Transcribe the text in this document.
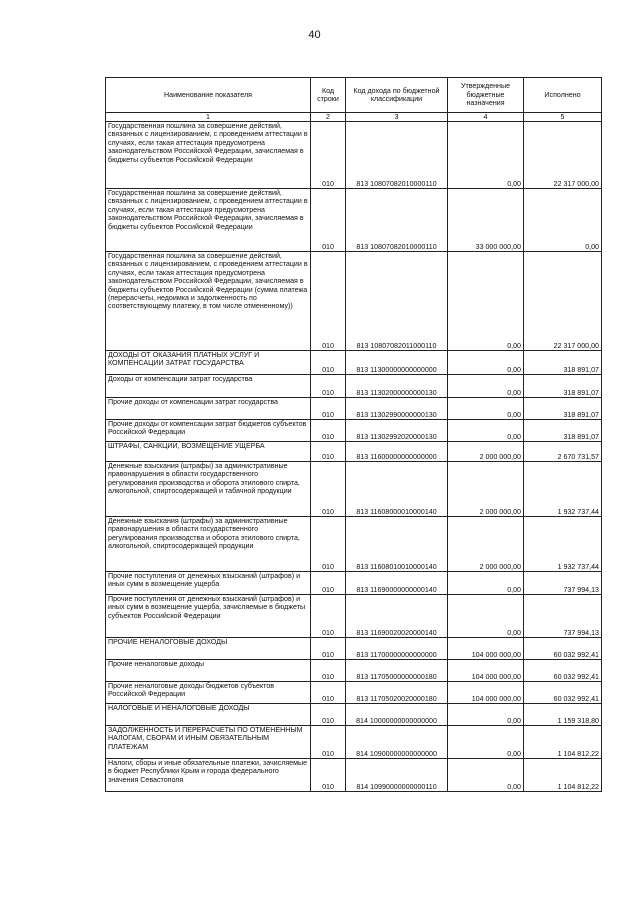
40
Наименование показателя	Код строки	Код дохода по бюджетной классификации	Утвержденные бюджетные назначения	Исполнено
1	2	3	4	5
Государственная пошлина за совершение действий, связанных с лицензированием, с проведением аттестации в случаях, если такая аттестация предусмотрена законодательством Российской Федерации, зачисляемая в бюджеты субъектов Российской Федерации	010	813 10807082010000110	0,00	22 317 000,00
Государственная пошлина за совершение действий, связанных с лицензированием, с проведением аттестации в случаях, если такая аттестация предусмотрена законодательством Российской Федерации, зачисляемая в бюджеты субъектов Российской Федерации	010	813 10807082010000110	33 000 000,00	0,00
Государственная пошлина за совершение действий, связанных с лицензированием, с проведением аттестации в случаях, если такая аттестация предусмотрена законодательством Российской Федерации, зачисляемая в бюджеты субъектов Российской Федерации (сумма платежа (перерасчеты, недоимка и задолженность по соответствующему платежу, в том числе отмененному))	010	813 10807082011000110	0,00	22 317 000,00
ДОХОДЫ ОТ ОКАЗАНИЯ ПЛАТНЫХ УСЛУГ И КОМПЕНСАЦИИ ЗАТРАТ ГОСУДАРСТВА	010	813 11300000000000000	0,00	318 891,07
Доходы от компенсации затрат государства	010	813 11302000000000130	0,00	318 891,07
Прочие доходы от компенсации затрат государства	010	813 11302990000000130	0,00	318 891,07
Прочие доходы от компенсации затрат бюджетов субъектов Российской Федерации	010	813 11302992020000130	0,00	318 891,07
ШТРАФЫ, САНКЦИИ, ВОЗМЕЩЕНИЕ УЩЕРБА	010	813 11600000000000000	2 000 000,00	2 670 731,57
Денежные взыскания (штрафы) за административные правонарушения в области государственного регулирования производства и оборота этилового спирта, алкогольной, спиртосодержащей и табачной продукции	010	813 11608000010000140	2 000 000,00	1 932 737,44
Денежные взыскания (штрафы) за административные правонарушения в области государственного регулирования производства и оборота этилового спирта, алкогольной, спиртосодержащей продукции	010	813 11608010010000140	2 000 000,00	1 932 737,44
Прочие поступления от денежных взысканий (штрафов) и иных сумм в возмещение ущерба	010	813 11690000000000140	0,00	737 994,13
Прочие поступления от денежных взысканий (штрафов) и иных сумм в возмещение ущерба, зачисляемые в бюджеты субъектов Российской Федерации	010	813 11690020020000140	0,00	737 994,13
ПРОЧИЕ НЕНАЛОГОВЫЕ ДОХОДЫ	010	813 11700000000000000	104 000 000,00	60 032 992,41
Прочие неналоговые доходы	010	813 11705000000000180	104 000 000,00	60 032 992,41
Прочие неналоговые доходы бюджетов субъектов Российской Федерации	010	813 11705020020000180	104 000 000,00	60 032 992,41
НАЛОГОВЫЕ И НЕНАЛОГОВЫЕ ДОХОДЫ	010	814 10000000000000000	0,00	1 159 318,80
ЗАДОЛЖЕННОСТЬ И ПЕРЕРАСЧЕТЫ ПО ОТМЕНЕННЫМ НАЛОГАМ, СБОРАМ И ИНЫМ ОБЯЗАТЕЛЬНЫМ ПЛАТЕЖАМ	010	814 10900000000000000	0,00	1 104 812,22
Налоги, сборы и иные обязательные платежи, зачисляемые в бюджет Республики Крым и города федерального значения Севастополя	010	814 10990000000000110	0,00	1 104 812,22
